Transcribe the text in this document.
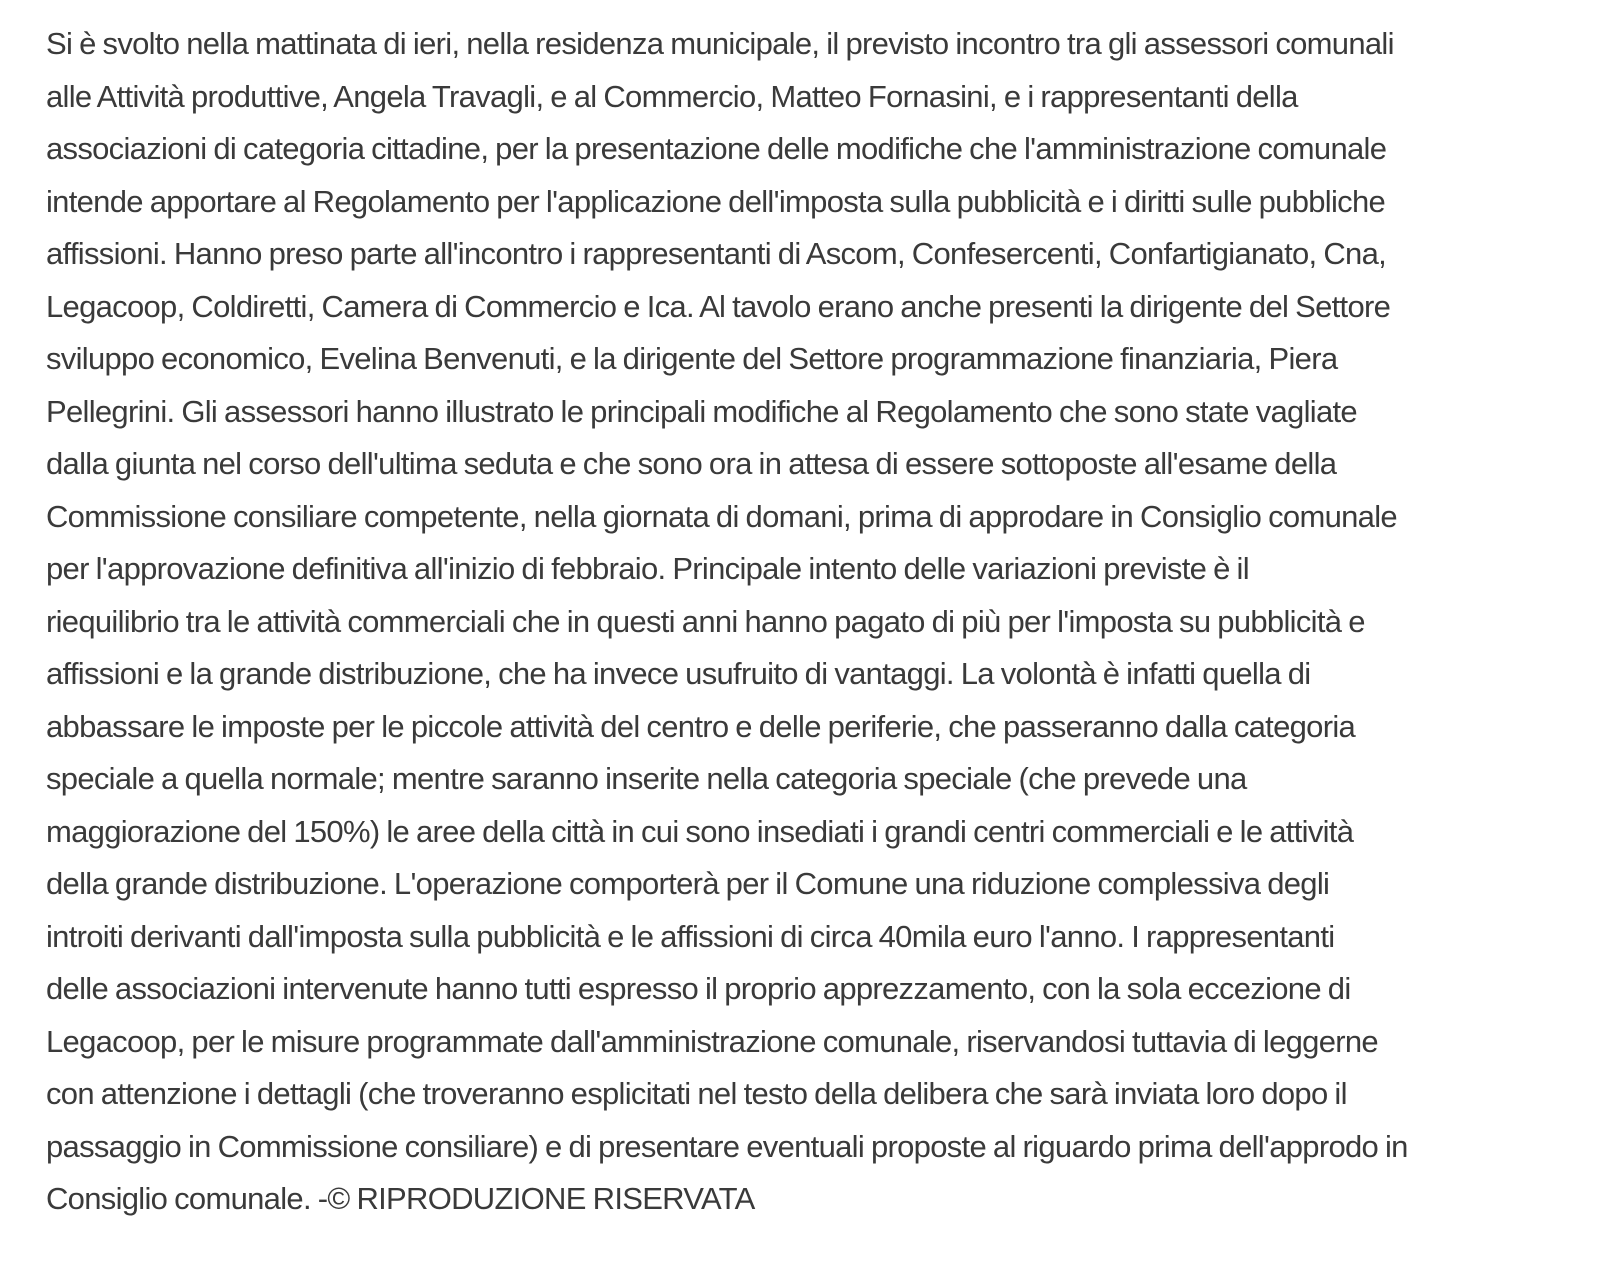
Si è svolto nella mattinata di ieri, nella residenza municipale, il previsto incontro tra gli assessori comunali
alle Attività produttive, Angela Travagli, e al Commercio, Matteo Fornasini, e i rappresentanti della
associazioni di categoria cittadine, per la presentazione delle modifiche che l'amministrazione comunale
intende apportare al Regolamento per l'applicazione dell'imposta sulla pubblicità e i diritti sulle pubbliche
affissioni. Hanno preso parte all'incontro i rappresentanti di Ascom, Confesercenti, Confartigianato, Cna,
Legacoop, Coldiretti, Camera di Commercio e Ica. Al tavolo erano anche presenti la dirigente del Settore
sviluppo economico, Evelina Benvenuti, e la dirigente del Settore programmazione finanziaria, Piera
Pellegrini. Gli assessori hanno illustrato le principali modifiche al Regolamento che sono state vagliate
dalla giunta nel corso dell'ultima seduta e che sono ora in attesa di essere sottoposte all'esame della
Commissione consiliare competente, nella giornata di domani, prima di approdare in Consiglio comunale
per l'approvazione definitiva all'inizio di febbraio. Principale intento delle variazioni previste è il
riequilibrio tra le attività commerciali che in questi anni hanno pagato di più per l'imposta su pubblicità e
affissioni e la grande distribuzione, che ha invece usufruito di vantaggi. La volontà è infatti quella di
abbassare le imposte per le piccole attività del centro e delle periferie, che passeranno dalla categoria
speciale a quella normale; mentre saranno inserite nella categoria speciale (che prevede una
maggiorazione del 150%) le aree della città in cui sono insediati i grandi centri commerciali e le attività
della grande distribuzione. L'operazione comporterà per il Comune una riduzione complessiva degli
introiti derivanti dall'imposta sulla pubblicità e le affissioni di circa 40mila euro l'anno. I rappresentanti
delle associazioni intervenute hanno tutti espresso il proprio apprezzamento, con la sola eccezione di
Legacoop, per le misure programmate dall'amministrazione comunale, riservandosi tuttavia di leggerne
con attenzione i dettagli (che troveranno esplicitati nel testo della delibera che sarà inviata loro dopo il
passaggio in Commissione consiliare) e di presentare eventuali proposte al riguardo prima dell'approdo in
Consiglio comunale. -© RIPRODUZIONE RISERVATA
